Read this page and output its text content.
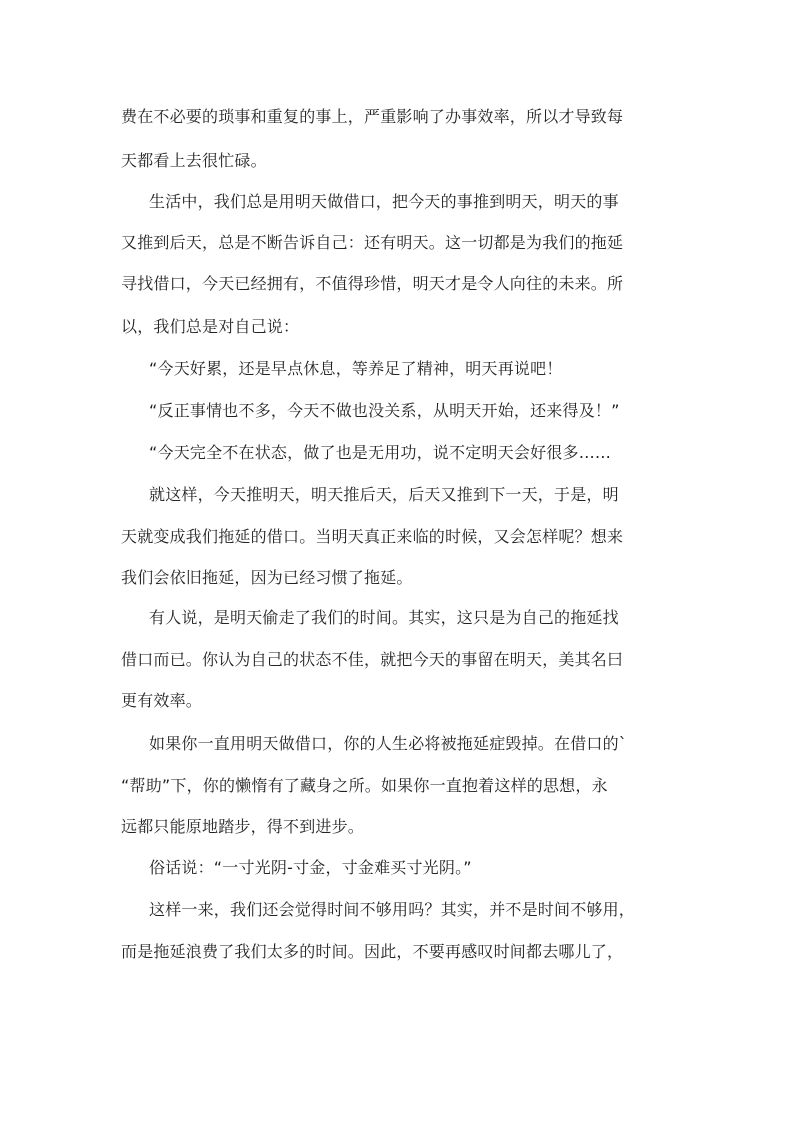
费在不必要的琐事和重复的事上，严重影响了办事效率，所以才导致每
天都看上去很忙碌。
生活中，我们总是用明天做借口，把今天的事推到明天，明天的事
又推到后天，总是不断告诉自己：还有明天。这一切都是为我们的拖延
寻找借口，今天已经拥有，不值得珍惜，明天才是令人向往的未来。所
以，我们总是对自己说：
“今天好累，还是早点休息，等养足了精神，明天再说吧！
“反正事情也不多，今天不做也没关系，从明天开始，还来得及！”
“今天完全不在状态，做了也是无用功，说不定明天会好很多……
就这样，今天推明天，明天推后天，后天又推到下一天，于是，明
天就变成我们拖延的借口。当明天真正来临的时候，又会怎样呢？想来
我们会依旧拖延，因为已经习惯了拖延。
有人说，是明天偷走了我们的时间。其实，这只是为自己的拖延找
借口而已。你认为自己的状态不佳，就把今天的事留在明天，美其名曰
更有效率。
如果你一直用明天做借口，你的人生必将被拖延症毁掉。在借口的`
“帮助”下，你的懒惰有了藏身之所。如果你一直抱着这样的思想，永
远都只能原地踏步，得不到进步。
俗话说：“一寸光阴-寸金，寸金难买寸光阴。”
这样一来，我们还会觉得时间不够用吗？其实，并不是时间不够用，
而是拖延浪费了我们太多的时间。因此，不要再感叹时间都去哪儿了，
